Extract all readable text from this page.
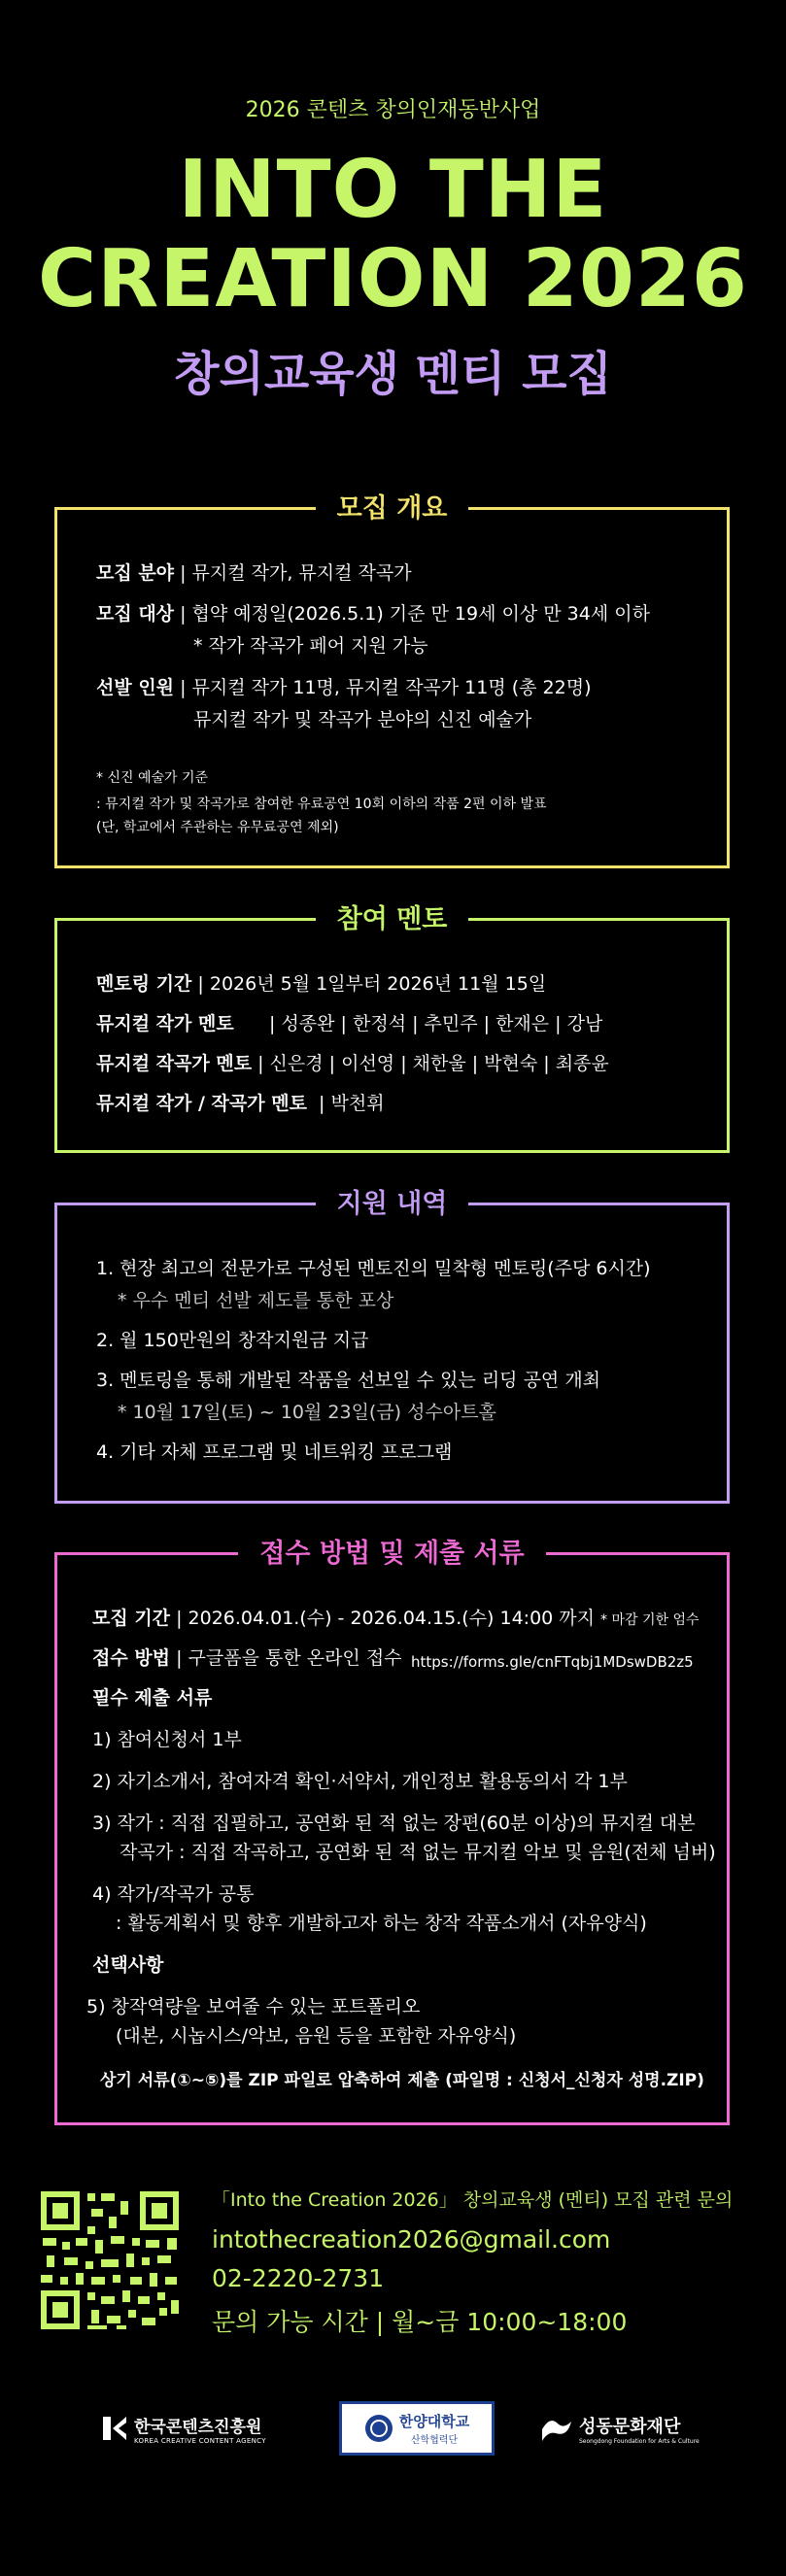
2026 콘텐츠 창의인재동반사업
INTO THE
CREATION 2026
창의교육생 멘티 모집
모집 개요
모집 분야 | 뮤지컬 작가, 뮤지컬 작곡가
모집 대상 | 협약 예정일(2026.5.1) 기준 만 19세 이상 만 34세 이하
* 작가 작곡가 페어 지원 가능
선발 인원 | 뮤지컬 작가 11명, 뮤지컬 작곡가 11명 (총 22명)
뮤지컬 작가 및 작곡가 분야의 신진 예술가
* 신진 예술가 기준
: 뮤지컬 작가 및 작곡가로 참여한 유료공연 10회 이하의 작품 2편 이하 발표
(단, 학교에서 주관하는 유무료공연 제외)
참여 멘토
멘토링 기간 | 2026년 5월 1일부터 2026년 11월 15일
뮤지컬 작가 멘토 | 성종완 | 한정석 | 추민주 | 한재은 | 강남
뮤지컬 작곡가 멘토 | 신은경 | 이선영 | 채한울 | 박현숙 | 최종윤
뮤지컬 작가 / 작곡가 멘토 | 박천휘
지원 내역
1. 현장 최고의 전문가로 구성된 멘토진의 밀착형 멘토링(주당 6시간)
* 우수 멘티 선발 제도를 통한 포상
2. 월 150만원의 창작지원금 지급
3. 멘토링을 통해 개발된 작품을 선보일 수 있는 리딩 공연 개최
* 10월 17일(토) ~ 10월 23일(금) 성수아트홀
4. 기타 자체 프로그램 및 네트워킹 프로그램
접수 방법 및 제출 서류
모집 기간 | 2026.04.01.(수) - 2026.04.15.(수) 14:00 까지 * 마감 기한 엄수
접수 방법 | 구글폼을 통한 온라인 접수 https://forms.gle/cnFTqbj1MDswDB2z5
필수 제출 서류
1) 참여신청서 1부
2) 자기소개서, 참여자격 확인·서약서, 개인정보 활용동의서 각 1부
3) 작가 : 직접 집필하고, 공연화 된 적 없는 장편(60분 이상)의 뮤지컬 대본
작곡가 : 직접 작곡하고, 공연화 된 적 없는 뮤지컬 악보 및 음원(전체 넘버)
4) 작가/작곡가 공통
: 활동계획서 및 향후 개발하고자 하는 창작 작품소개서 (자유양식)
선택사항
5) 창작역량을 보여줄 수 있는 포트폴리오
(대본, 시놉시스/악보, 음원 등을 포함한 자유양식)
상기 서류(①~⑤)를 ZIP 파일로 압축하여 제출 (파일명 : 신청서_신청자 성명.ZIP)
「Into the Creation 2026」 창의교육생 (멘티) 모집 관련 문의
intothecreation2026@gmail.com
02-2220-2731
문의 가능 시간 | 월~금 10:00~18:00
한국콘텐츠진흥원
KOREA CREATIVE CONTENT AGENCY
한양대학교
산학협력단
성동문화재단
Seongdong Foundation for Arts & Culture
